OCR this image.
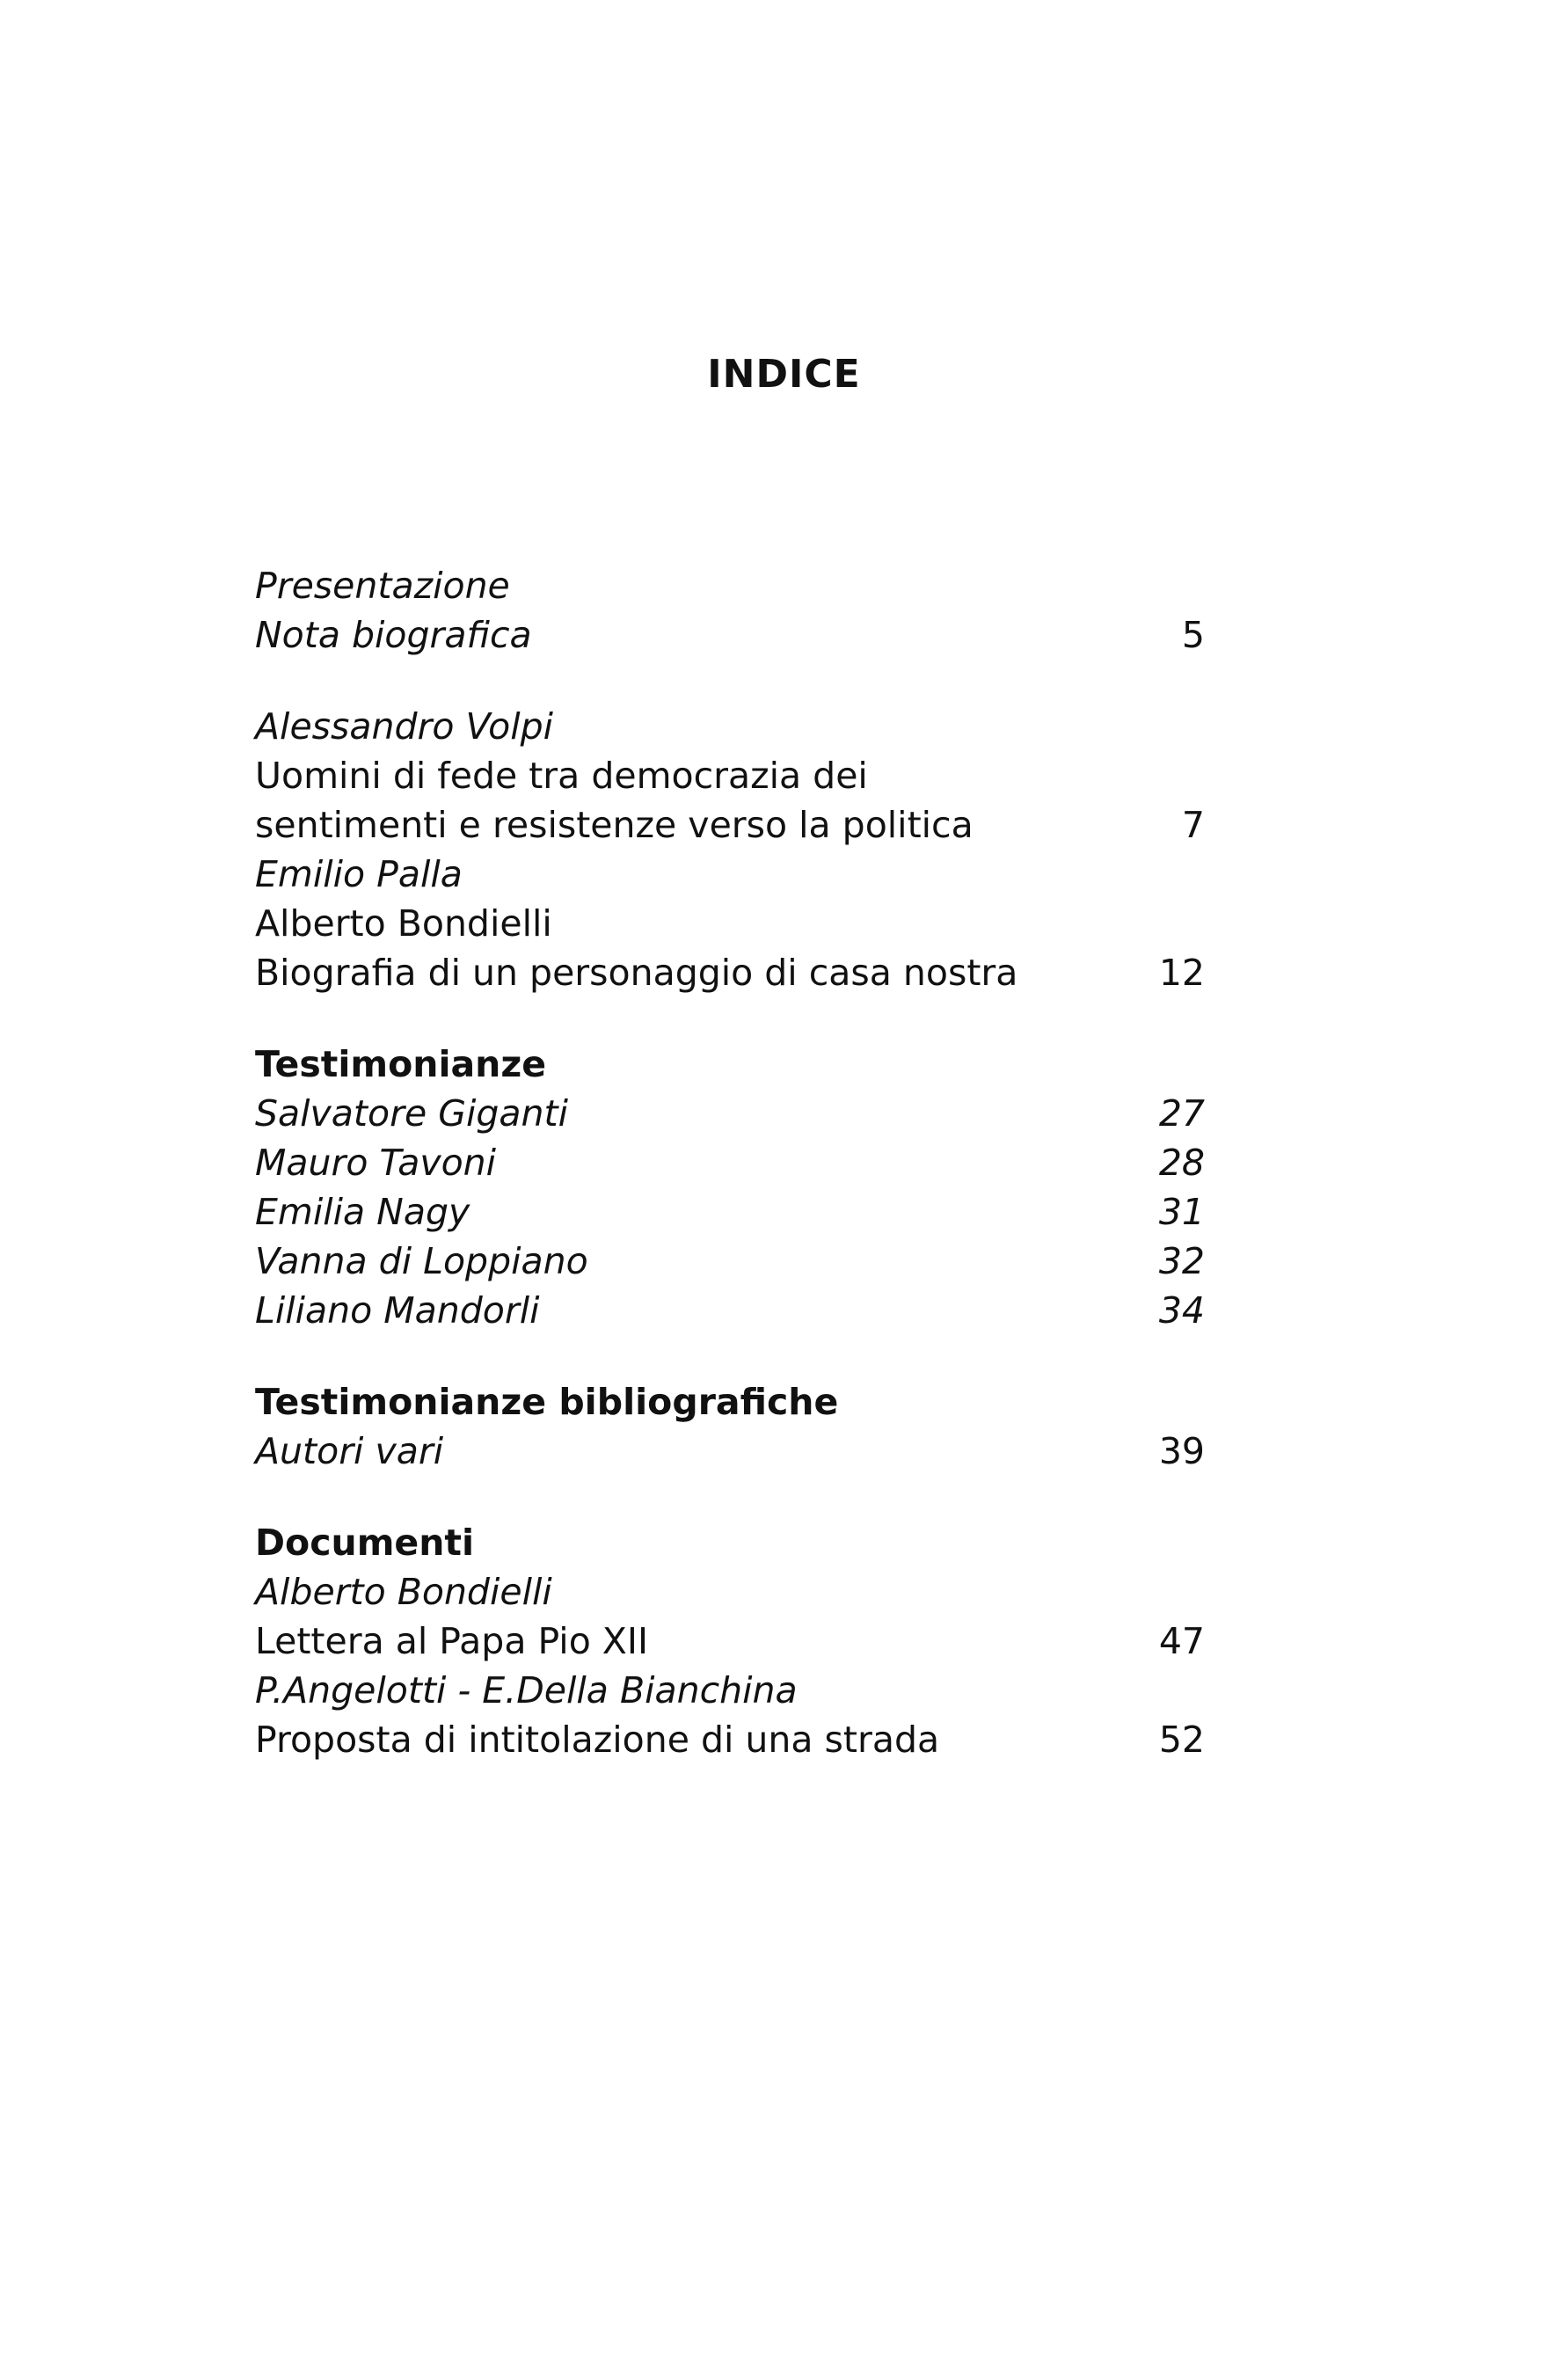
INDICE
Presentazione
Nota biografica	5
Alessandro Volpi
Uomini di fede tra democrazia dei
sentimenti e resistenze verso la politica	7
Emilio Palla
Alberto Bondielli
Biografia di un personaggio di casa nostra	12
Testimonianze
Salvatore Giganti	27
Mauro Tavoni	28
Emilia Nagy	31
Vanna di Loppiano	32
Liliano Mandorli	34
Testimonianze bibliografiche
Autori vari	39
Documenti
Alberto Bondielli
Lettera al Papa Pio XII	47
P.Angelotti - E.Della Bianchina
Proposta di intitolazione di una strada	52
